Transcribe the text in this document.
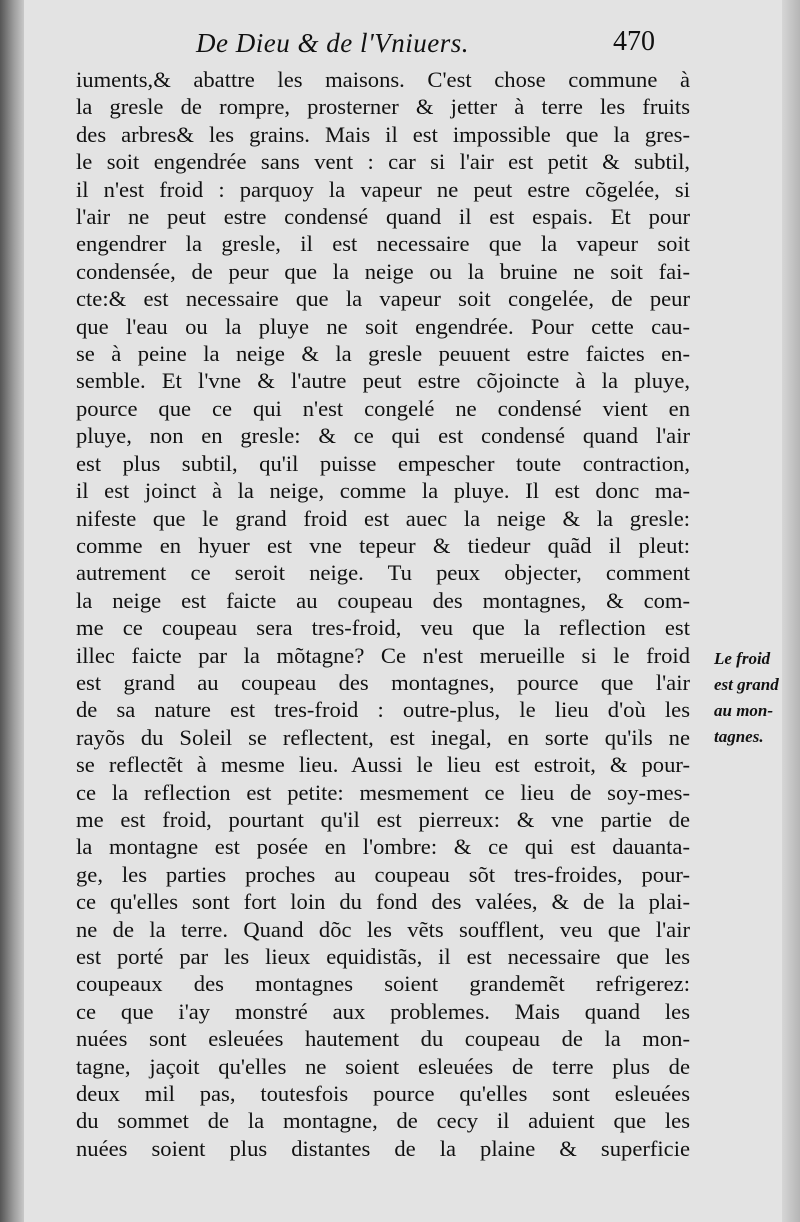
De Dieu & de l'Vniuers.	470
iuments,& abattre les maisons. C'est chose commune à
la gresle de rompre, prosterner & jetter à terre les fruits
des arbres& les grains. Mais il est impossible que la gres-
le soit engendrée sans vent : car si l'air est petit & subtil,
il n'est froid : parquoy la vapeur ne peut estre cõgelée, si
l'air ne peut estre condensé quand il est espais. Et pour
engendrer la gresle, il est necessaire que la vapeur soit
condensée, de peur que la neige ou la bruine ne soit fai-
cte:& est necessaire que la vapeur soit congelée, de peur
que l'eau ou la pluye ne soit engendrée. Pour cette cau-
se à peine la neige & la gresle peuuent estre faictes en-
semble. Et l'vne & l'autre peut estre cõjoincte à la pluye,
pource que ce qui n'est congelé ne condensé vient en
pluye, non en gresle: & ce qui est condensé quand l'air
est plus subtil, qu'il puisse empescher toute contraction,
il est joinct à la neige, comme la pluye. Il est donc ma-
nifeste que le grand froid est auec la neige & la gresle:
comme en hyuer est vne tepeur & tiedeur quãd il pleut:
autrement ce seroit neige. Tu peux objecter, comment
la neige est faicte au coupeau des montagnes, & com-
me ce coupeau sera tres-froid, veu que la reflection est
illec faicte par la mõtagne? Ce n'est merueille si le froid
est grand au coupeau des montagnes, pource que l'air
de sa nature est tres-froid : outre-plus, le lieu d'où les
rayõs du Soleil se reflectent, est inegal, en sorte qu'ils ne
se reflectẽt à mesme lieu. Aussi le lieu est estroit, & pour-
ce la reflection est petite: mesmement ce lieu de soy-mes-
me est froid, pourtant qu'il est pierreux: & vne partie de
la montagne est posée en l'ombre: & ce qui est dauanta-
ge, les parties proches au coupeau sõt tres-froides, pour-
ce qu'elles sont fort loin du fond des valées, & de la plai-
ne de la terre. Quand dõc les vẽts soufflent, veu que l'air
est porté par les lieux equidistãs, il est necessaire que les
coupeaux des montagnes soient grandemẽt refrigerez:
ce que i'ay monstré aux problemes. Mais quand les
nuées sont esleuées hautement du coupeau de la mon-
tagne, jaçoit qu'elles ne soient esleuées de terre plus de
deux mil pas, toutesfois pource qu'elles sont esleuées
du sommet de la montagne, de cecy il aduient que les
nuées soient plus distantes de la plaine & superficie
Le froid
est grand
au mon-
tagnes.
